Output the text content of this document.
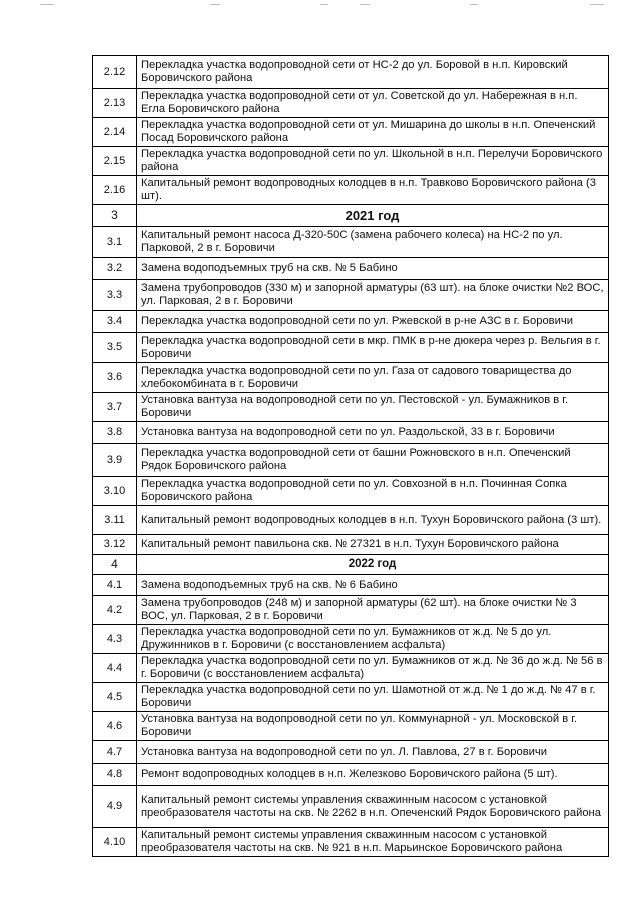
2.12	Перекладка участка водопроводной сети от НС-2 до ул. Боровой в н.п. Кировский Боровичского района
2.13	Перекладка участка водопроводной сети от ул. Советской до ул. Набережная в н.п. Егла Боровичского района
2.14	Перекладка участка водопроводной сети от ул. Мишарина до школы в н.п. Опеченский Посад Боровичского района
2.15	Перекладка участка водопроводной сети по ул. Школьной в н.п. Перелучи Боровичского района
2.16	Капитальный ремонт водопроводных колодцев в н.п. Травково Боровичского района (3 шт).
3	2021 год
3.1	Капитальный ремонт насоса Д-320-50С (замена рабочего колеса) на НС-2 по ул. Парковой, 2 в г. Боровичи
3.2	Замена водоподъемных труб на скв. № 5 Бабино
3.3	Замена трубопроводов (330 м) и запорной арматуры (63 шт). на блоке очистки №2 ВОС, ул. Парковая, 2 в г. Боровичи
3.4	Перекладка участка водопроводной сети по ул. Ржевской в р-не АЗС в г. Боровичи
3.5	Перекладка участка водопроводной сети в мкр. ПМК в р-не дюкера через р. Вельгия в г. Боровичи
3.6	Перекладка участка водопроводной сети по ул. Газа от садового товарищества до хлебокомбината в г. Боровичи
3.7	Установка вантуза на водопроводной сети по ул. Пестовской - ул. Бумажников в г. Боровичи
3.8	Установка вантуза на водопроводной сети по ул. Раздольской, 33 в г. Боровичи
3.9	Перекладка участка водопроводной сети от башни Рожновского в н.п. Опеченский Рядок Боровичского района
3.10	Перекладка участка водопроводной сети по ул. Совхозной в н.п. Починная Сопка Боровичского района
3.11	Капитальный ремонт водопроводных колодцев в н.п. Тухун Боровичского района (3 шт).
3.12	Капитальный ремонт павильона скв. № 27321 в н.п. Тухун Боровичского района
4	2022 год
4.1	Замена водоподъемных труб на скв. № 6 Бабино
4.2	Замена трубопроводов (248 м) и запорной арматуры (62 шт). на блоке очистки № 3 ВОС, ул. Парковая, 2 в г. Боровичи
4.3	Перекладка участка водопроводной сети по ул. Бумажников от ж.д. № 5 до ул. Дружинников в г. Боровичи (с восстановлением асфальта)
4.4	Перекладка участка водопроводной сети по ул. Бумажников от ж.д. № 36 до ж.д. № 56 в г. Боровичи (с восстановлением асфальта)
4.5	Перекладка участка водопроводной сети по ул. Шамотной от ж.д. № 1 до ж.д. № 47 в г. Боровичи
4.6	Установка вантуза на водопроводной сети по ул. Коммунарной - ул. Московской в г. Боровичи
4.7	Установка вантуза на водопроводной сети по ул. Л. Павлова, 27 в г. Боровичи
4.8	Ремонт водопроводных колодцев в н.п. Железково Боровичского района (5 шт).
4.9	Капитальный ремонт системы управления скважинным насосом с установкой преобразователя частоты на скв. № 2262 в н.п. Опеченский Рядок Боровичского района
4.10	Капитальный ремонт системы управления скважинным насосом с установкой преобразователя частоты на скв. № 921 в н.п. Марьинское Боровичского района
